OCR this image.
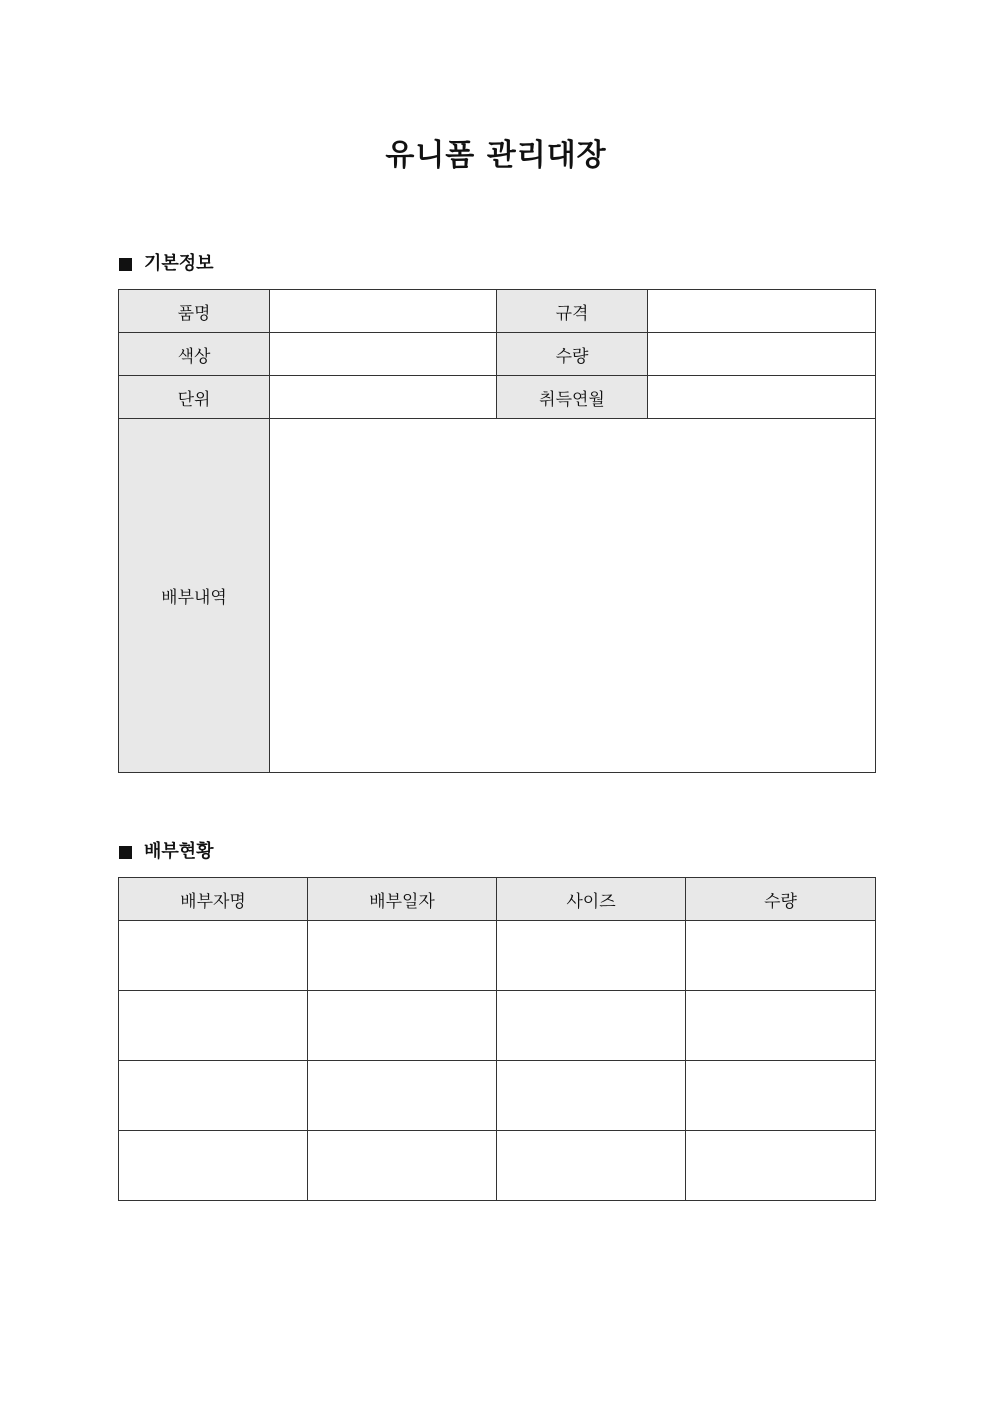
유니폼 관리대장
기본정보
품명		규격	
색상		수량	
단위		취득연월	
배부내역			
배부현황
배부자명	배부일자	사이즈	수량
